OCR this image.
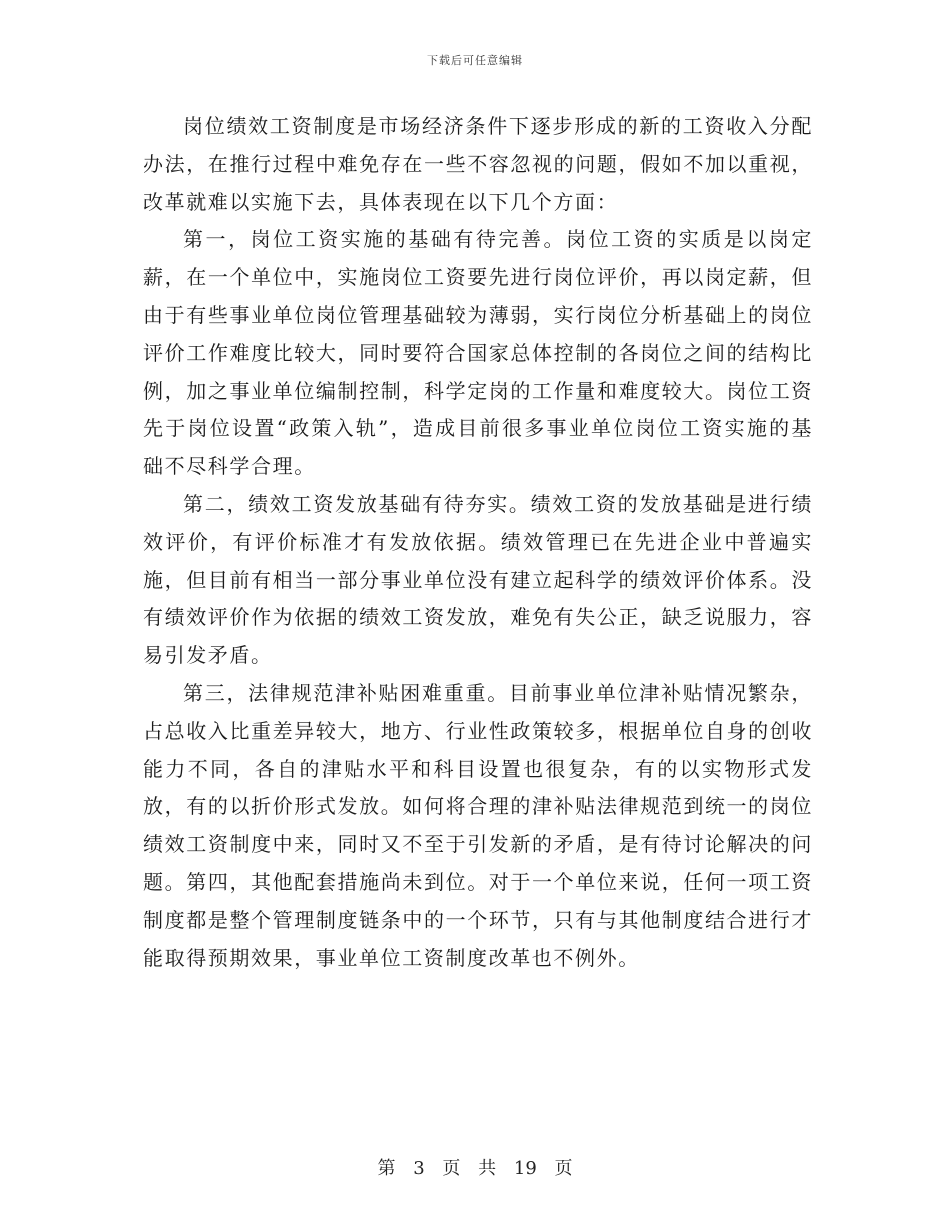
下载后可任意编辑

岗位绩效工资制度是市场经济条件下逐步形成的新的工资收入分配办法，在推行过程中难免存在一些不容忽视的问题，假如不加以重视，改革就难以实施下去，具体表现在以下几个方面：

第一，岗位工资实施的基础有待完善。岗位工资的实质是以岗定薪，在一个单位中，实施岗位工资要先进行岗位评价，再以岗定薪，但由于有些事业单位岗位管理基础较为薄弱，实行岗位分析基础上的岗位评价工作难度比较大，同时要符合国家总体控制的各岗位之间的结构比例，加之事业单位编制控制，科学定岗的工作量和难度较大。岗位工资先于岗位设置“政策入轨”，造成目前很多事业单位岗位工资实施的基础不尽科学合理。

第二，绩效工资发放基础有待夯实。绩效工资的发放基础是进行绩效评价，有评价标准才有发放依据。绩效管理已在先进企业中普遍实施，但目前有相当一部分事业单位没有建立起科学的绩效评价体系。没有绩效评价作为依据的绩效工资发放，难免有失公正，缺乏说服力，容易引发矛盾。

第三，法律规范津补贴困难重重。目前事业单位津补贴情况繁杂，占总收入比重差异较大，地方、行业性政策较多，根据单位自身的创收能力不同，各自的津贴水平和科目设置也很复杂，有的以实物形式发放，有的以折价形式发放。如何将合理的津补贴法律规范到统一的岗位绩效工资制度中来，同时又不至于引发新的矛盾，是有待讨论解决的问题。第四，其他配套措施尚未到位。对于一个单位来说，任何一项工资制度都是整个管理制度链条中的一个环节，只有与其他制度结合进行才能取得预期效果，事业单位工资制度改革也不例外。

第 3 页 共 19 页
